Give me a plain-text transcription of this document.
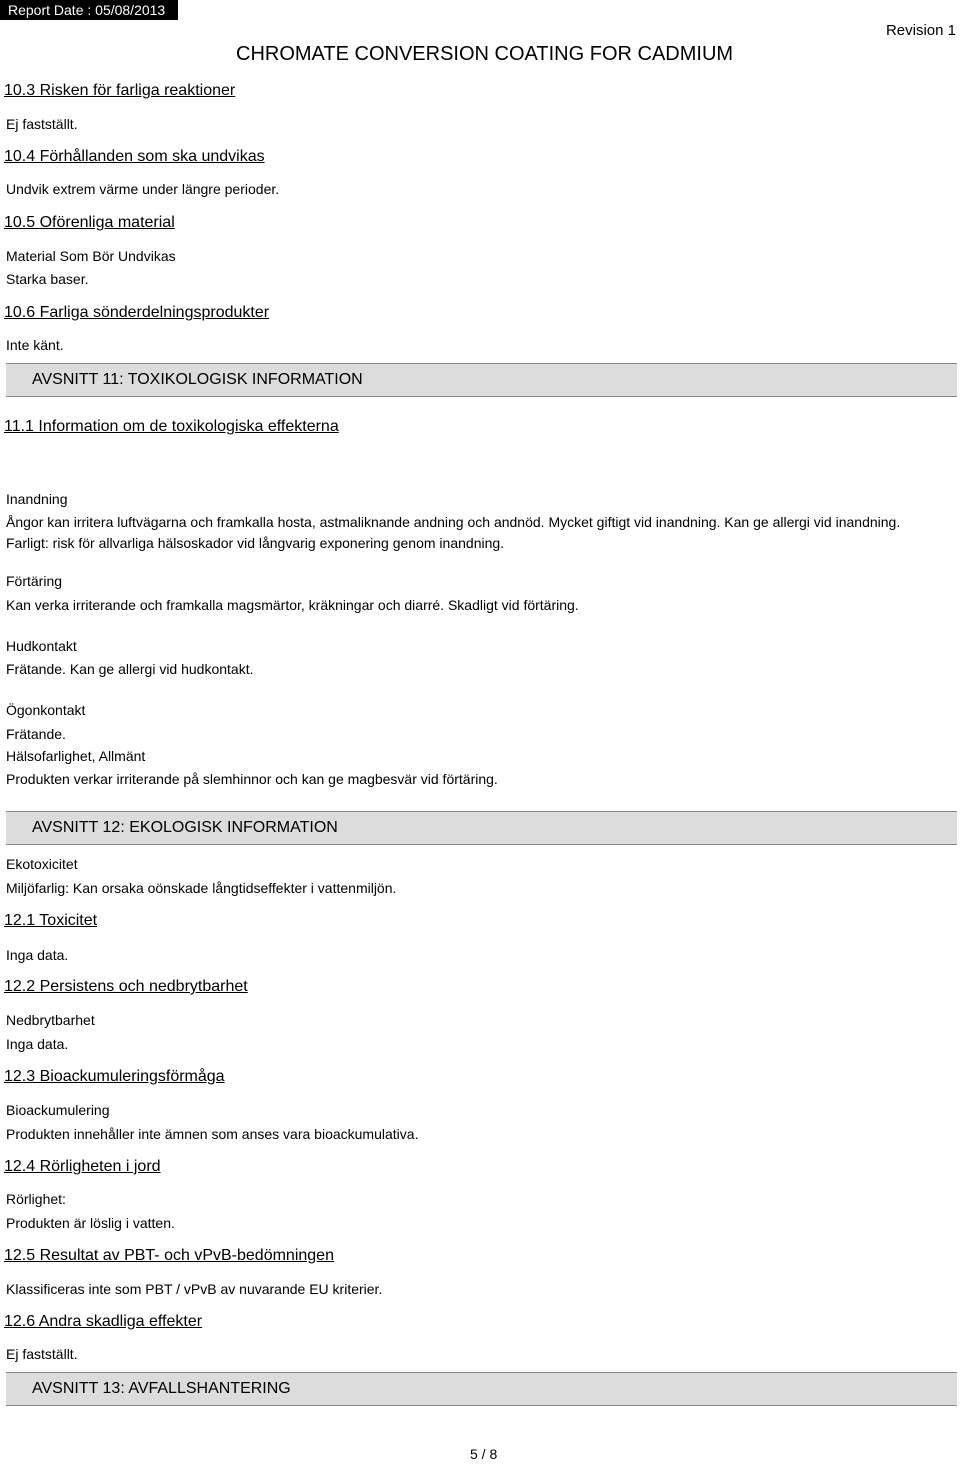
Report Date : 05/08/2013
CHROMATE CONVERSION COATING FOR CADMIUM
Revision 1
10.3 Risken för farliga reaktioner
Ej fastställt.
10.4 Förhållanden som ska undvikas
Undvik extrem värme under längre perioder.
10.5 Oförenliga material
Material Som Bör Undvikas
Starka baser.
10.6 Farliga sönderdelningsprodukter
Inte känt.
AVSNITT 11: TOXIKOLOGISK INFORMATION
11.1 Information om de toxikologiska effekterna
Inandning
Ångor kan irritera luftvägarna och framkalla hosta, astmaliknande andning och andnöd. Mycket giftigt vid inandning. Kan ge allergi vid inandning. Farligt: risk för allvarliga hälsoskador vid långvarig exponering genom inandning.
Förtäring
Kan verka irriterande och framkalla magsmärtor, kräkningar och diarré. Skadligt vid förtäring.
Hudkontakt
Frätande. Kan ge allergi vid hudkontakt.
Ögonkontakt
Frätande.
Hälsofarlighet, Allmänt
Produkten verkar irriterande på slemhinnor och kan ge magbesvär vid förtäring.
AVSNITT 12: EKOLOGISK INFORMATION
Ekotoxicitet
Miljöfarlig: Kan orsaka oönskade långtidseffekter i vattenmiljön.
12.1 Toxicitet
Inga data.
12.2 Persistens och nedbrytbarhet
Nedbrytbarhet
Inga data.
12.3 Bioackumuleringsförmåga
Bioackumulering
Produkten innehåller inte ämnen som anses vara bioackumulativa.
12.4 Rörligheten i jord
Rörlighet:
Produkten är löslig i vatten.
12.5 Resultat av PBT- och vPvB-bedömningen
Klassificeras inte som PBT / vPvB av nuvarande EU kriterier.
12.6 Andra skadliga effekter
Ej fastställt.
AVSNITT 13: AVFALLSHANTERING
5 / 8
